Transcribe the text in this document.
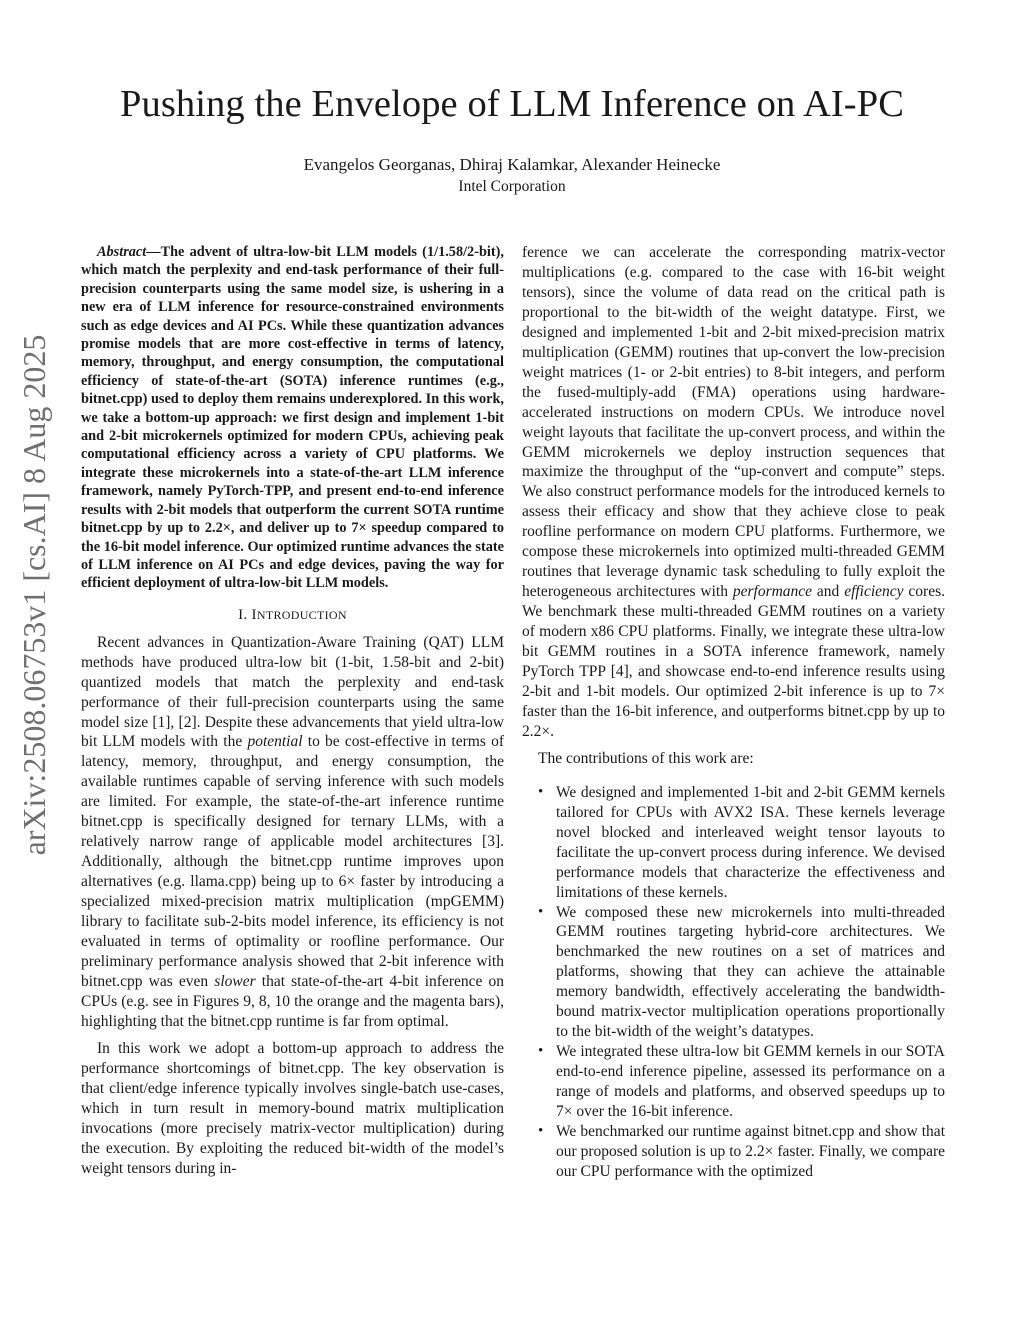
arXiv:2508.06753v1 [cs.AI] 8 Aug 2025
Pushing the Envelope of LLM Inference on AI-PC
Evangelos Georganas, Dhiraj Kalamkar, Alexander Heinecke
Intel Corporation

Abstract—The advent of ultra-low-bit LLM models (1/1.58/2-bit), which match the perplexity and end-task performance of their full-precision counterparts using the same model size, is ushering in a new era of LLM inference for resource-constrained environments such as edge devices and AI PCs. While these quantization advances promise models that are more cost-effective in terms of latency, memory, throughput, and energy consumption, the computational efficiency of state-of-the-art (SOTA) inference runtimes (e.g., bitnet.cpp) used to deploy them remains underexplored. In this work, we take a bottom-up approach: we first design and implement 1-bit and 2-bit microkernels optimized for modern CPUs, achieving peak computational efficiency across a variety of CPU platforms. We integrate these microkernels into a state-of-the-art LLM inference framework, namely PyTorch-TPP, and present end-to-end inference results with 2-bit models that outperform the current SOTA runtime bitnet.cpp by up to 2.2×, and deliver up to 7× speedup compared to the 16-bit model inference. Our optimized runtime advances the state of LLM inference on AI PCs and edge devices, paving the way for efficient deployment of ultra-low-bit LLM models.

I. INTRODUCTION

Recent advances in Quantization-Aware Training (QAT) LLM methods have produced ultra-low bit (1-bit, 1.58-bit and 2-bit) quantized models that match the perplexity and end-task performance of their full-precision counterparts using the same model size [1], [2]. Despite these advancements that yield ultra-low bit LLM models with the potential to be cost-effective in terms of latency, memory, throughput, and energy consumption, the available runtimes capable of serving inference with such models are limited. For example, the state-of-the-art inference runtime bitnet.cpp is specifically designed for ternary LLMs, with a relatively narrow range of applicable model architectures [3]. Additionally, although the bitnet.cpp runtime improves upon alternatives (e.g. llama.cpp) being up to 6× faster by introducing a specialized mixed-precision matrix multiplication (mpGEMM) library to facilitate sub-2-bits model inference, its efficiency is not evaluated in terms of optimality or roofline performance. Our preliminary performance analysis showed that 2-bit inference with bitnet.cpp was even slower that state-of-the-art 4-bit inference on CPUs (e.g. see in Figures 9, 8, 10 the orange and the magenta bars), highlighting that the bitnet.cpp runtime is far from optimal.

In this work we adopt a bottom-up approach to address the performance shortcomings of bitnet.cpp. The key observation is that client/edge inference typically involves single-batch use-cases, which in turn result in memory-bound matrix multiplication invocations (more precisely matrix-vector multiplication) during the execution. By exploiting the reduced bit-width of the model’s weight tensors during in-

ference we can accelerate the corresponding matrix-vector multiplications (e.g. compared to the case with 16-bit weight tensors), since the volume of data read on the critical path is proportional to the bit-width of the weight datatype. First, we designed and implemented 1-bit and 2-bit mixed-precision matrix multiplication (GEMM) routines that up-convert the low-precision weight matrices (1- or 2-bit entries) to 8-bit integers, and perform the fused-multiply-add (FMA) operations using hardware-accelerated instructions on modern CPUs. We introduce novel weight layouts that facilitate the up-convert process, and within the GEMM microkernels we deploy instruction sequences that maximize the throughput of the “up-convert and compute” steps. We also construct performance models for the introduced kernels to assess their efficacy and show that they achieve close to peak roofline performance on modern CPU platforms. Furthermore, we compose these microkernels into optimized multi-threaded GEMM routines that leverage dynamic task scheduling to fully exploit the heterogeneous architectures with performance and efficiency cores. We benchmark these multi-threaded GEMM routines on a variety of modern x86 CPU platforms. Finally, we integrate these ultra-low bit GEMM routines in a SOTA inference framework, namely PyTorch TPP [4], and showcase end-to-end inference results using 2-bit and 1-bit models. Our optimized 2-bit inference is up to 7× faster than the 16-bit inference, and outperforms bitnet.cpp by up to 2.2×.

The contributions of this work are:

• We designed and implemented 1-bit and 2-bit GEMM kernels tailored for CPUs with AVX2 ISA. These kernels leverage novel blocked and interleaved weight tensor layouts to facilitate the up-convert process during inference. We devised performance models that characterize the effectiveness and limitations of these kernels.

• We composed these new microkernels into multi-threaded GEMM routines targeting hybrid-core architectures. We benchmarked the new routines on a set of matrices and platforms, showing that they can achieve the attainable memory bandwidth, effectively accelerating the bandwidth-bound matrix-vector multiplication operations proportionally to the bit-width of the weight’s datatypes.

• We integrated these ultra-low bit GEMM kernels in our SOTA end-to-end inference pipeline, assessed its performance on a range of models and platforms, and observed speedups up to 7× over the 16-bit inference.

• We benchmarked our runtime against bitnet.cpp and show that our proposed solution is up to 2.2× faster. Finally, we compare our CPU performance with the optimized
